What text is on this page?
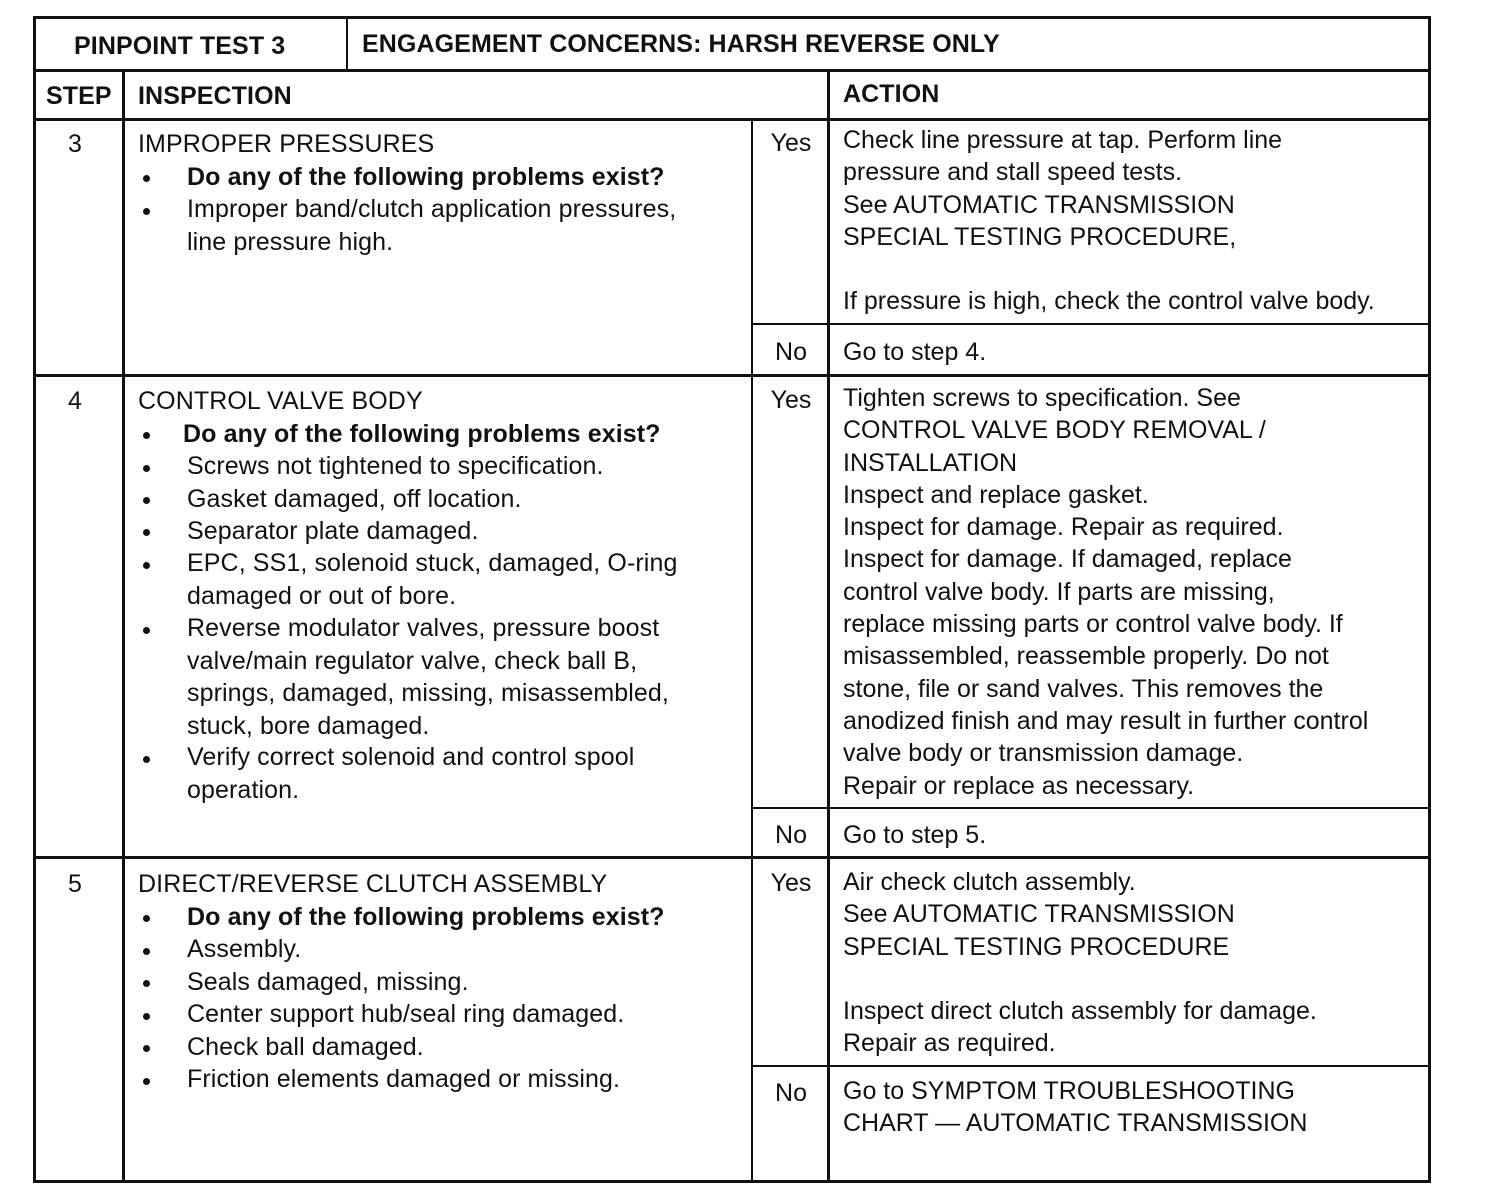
PINPOINT TEST 3	ENGAGEMENT CONCERNS: HARSH REVERSE ONLY
STEP INSPECTION	ACTION
3 IMPROPER PRESSURES
Do any of the following problems exist?
Improper band/clutch application pressures,
line pressure high.
Yes	Check line pressure at tap. Perform line
pressure and stall speed tests.
See AUTOMATIC TRANSMISSION
SPECIAL TESTING PROCEDURE,
If pressure is high, check the control valve body.
No	Go to step 4.
4 CONTROL VALVE BODY
Do any of the following problems exist?
Screws not tightened to specification.
Gasket damaged, off location.
Separator plate damaged.
EPC, SS1, solenoid stuck, damaged, O-ring
damaged or out of bore.
Reverse modulator valves, pressure boost
valve/main regulator valve, check ball B,
springs, damaged, missing, misassembled,
stuck, bore damaged.
Verify correct solenoid and control spool
operation.
Yes	Tighten screws to specification. See
CONTROL VALVE BODY REMOVAL /
INSTALLATION
Inspect and replace gasket.
Inspect for damage. Repair as required.
Inspect for damage. If damaged, replace
control valve body. If parts are missing,
replace missing parts or control valve body. If
misassembled, reassemble properly. Do not
stone, file or sand valves. This removes the
anodized finish and may result in further control
valve body or transmission damage.
Repair or replace as necessary.
No	Go to step 5.
5 DIRECT/REVERSE CLUTCH ASSEMBLY
Do any of the following problems exist?
Assembly.
Seals damaged, missing.
Center support hub/seal ring damaged.
Check ball damaged.
Friction elements damaged or missing.
Yes	Air check clutch assembly.
See AUTOMATIC TRANSMISSION
SPECIAL TESTING PROCEDURE
Inspect direct clutch assembly for damage.
Repair as required.
No	Go to SYMPTOM TROUBLESHOOTING
CHART — AUTOMATIC TRANSMISSION
